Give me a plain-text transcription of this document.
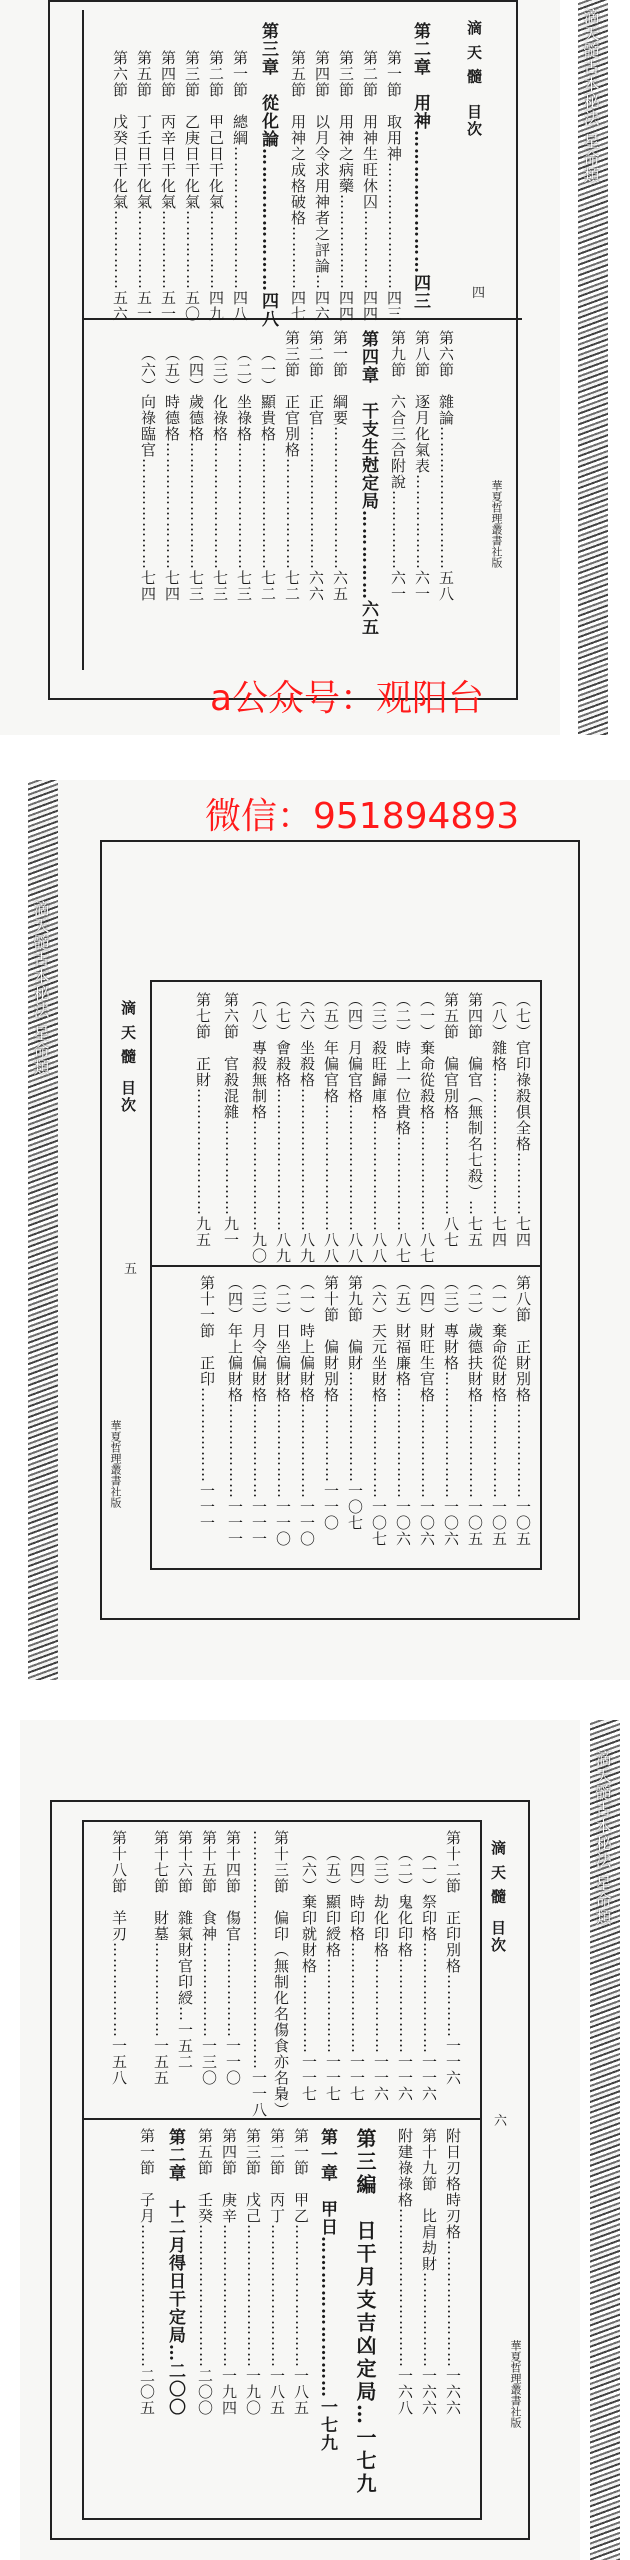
滴 天 髓
目次
四
華夏哲理叢書社版
第二章　用神……………………四三
第一節　取用神……………………四三
第二節　用神生旺休囚……………四四
第三節　用神之病藥………………四四
第四節　以月令求用神者之評論…四六
第五節　用神之成格破格…………四七
第三章　從化論……………………四八
第一節　總綱………………………四八
第二節　甲己日干化氣……………四九
第三節　乙庚日干化氣……………五〇
第四節　丙辛日干化氣……………五一
第五節　丁壬日干化氣……………五一
第六節　戊癸日干化氣……………五六
第六節　雜論………………………五八
第八節　逐月化氣表………………六一
第九節　六合三合附說……………六一
第四章　干支生尅定局……………六五
第一節　綱要………………………六五
第二節　正官………………………六六
第三節　正官別格…………………七二
（一）顯貴格……………………七二
（二）坐祿格……………………七三
（三）化祿格……………………七三
（四）歲德格……………………七三
（五）時德格……………………七四
（六）向祿臨官…………………七四
滴天髓古本秘法 星命類
a公众号：观阳台
滴天髓古本秘法 星命類	滴 天 髓
目次
五
華夏哲理叢書社版
（七）官印祿殺俱全格…………七四
（八）雜格………………………七四
第四節　偏官（無制名七殺）…七五
第五節　偏官別格………………八七
（一）棄命從殺格…………………八七
（二）時上一位貴格………………八七
（三）殺旺歸庫格…………………八八
（四）月偏官格……………………八八
（五）年偏官格……………………八八
（六）坐殺格………………………八九
（七）會殺格………………………八九
（八）專殺無制格…………………九〇
第六節　官殺混雜………………九一
第七節　正財……………………九五
第八節　正財別格………………一〇五
（一）棄命從財格………………一〇五
（二）歲德扶財格………………一〇五
（三）專財格……………………一〇六
（四）財旺生官格………………一〇六
（五）財福廉格…………………一〇六
（六）天元坐財格………………一〇七
第九節　偏財…………………一〇七
第十節　偏財別格……………一一〇
（一）時上偏財格………………一一〇
（二）日坐偏財格………………一一〇
（三）月令偏財格………………一一一
（四）年上偏財格………………一一一
第十一節　正印………………一一一
微信：951894893
滴 天 髓
目次
六
華夏哲理叢書社版
第十二節　正印別格…………一一六
（一）祭印格…………………一一六
（二）鬼化印格………………一一六
（三）劫化印格………………一一六
（四）時印格…………………一一七
（五）顯印綬格………………一一七
（六）棄印就財格……………一一七
第十三節　偏印（無制化名傷食亦名梟）
………………………………………一一八
第十四節　傷官………………一一〇
第十五節　食神………………一三〇
第十六節　雜氣財官印綬…一五二
第十七節　財墓………………一五五
第十八節　羊刃………………一五八
附日刃格時刃格……………………一六六
第十九節　比肩劫財………………一六六
附建祿祿格…………………………一六八
第三編　日干月支吉凶定局…一七九
第一章　甲日………………………一七九
第一節　甲乙………………………一八五
第二節　丙丁………………………一八五
第三節　戊己………………………一九〇
第四節　庚辛………………………一九四
第五節　壬癸………………………二〇〇
第二章　十二月得日干定局…二〇〇
第一節　子月………………………二〇五
滴天髓古本秘法 星命類
